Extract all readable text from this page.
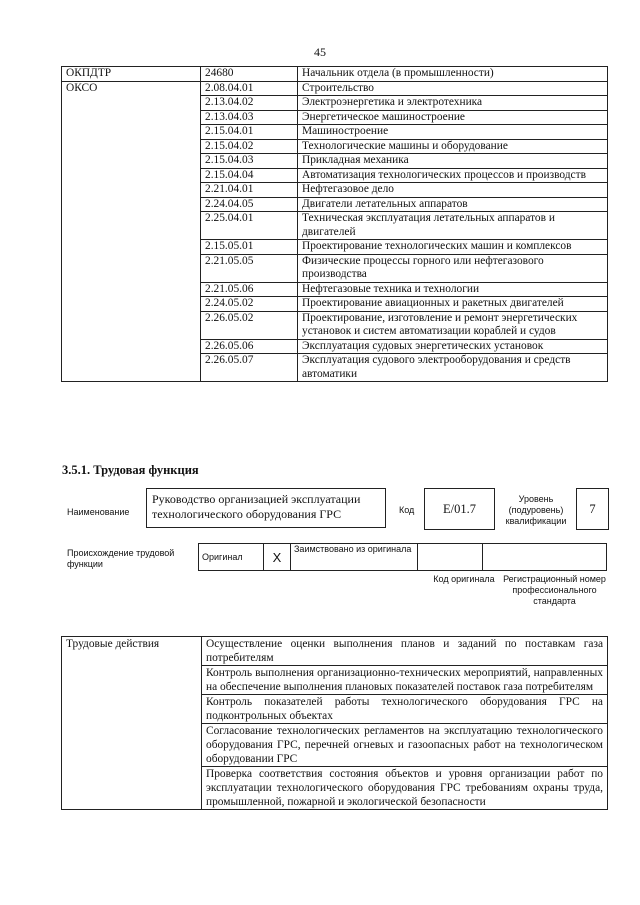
45
ОКПДТР	24680	Начальник отдела (в промышленности)
ОКСО	2.08.04.01	Строительство
	2.13.04.02	Электроэнергетика и электротехника
	2.13.04.03	Энергетическое машиностроение
	2.15.04.01	Машиностроение
	2.15.04.02	Технологические машины и оборудование
	2.15.04.03	Прикладная механика
	2.15.04.04	Автоматизация технологических процессов и производств
	2.21.04.01	Нефтегазовое дело
	2.24.04.05	Двигатели летательных аппаратов
	2.25.04.01	Техническая эксплуатация летательных аппаратов и двигателей
	2.15.05.01	Проектирование технологических машин и комплексов
	2.21.05.05	Физические процессы горного или нефтегазового производства
	2.21.05.06	Нефтегазовые техника и технологии
	2.24.05.02	Проектирование авиационных и ракетных двигателей
	2.26.05.02	Проектирование, изготовление и ремонт энергетических установок и систем автоматизации кораблей и судов
	2.26.05.06	Эксплуатация судовых энергетических установок
	2.26.05.07	Эксплуатация судового электрооборудования и средств автоматики
3.5.1. Трудовая функция
Наименование
Руководство организацией эксплуатации технологического оборудования ГРС	Код	E/01.7
Уровень (подуровень) квалификации
7
Происхождение трудовой функции
Оригинал	X	Заимствовано из оригинала		
Код оригинала Регистрационный номер профессионального стандарта
Трудовые действия	Осуществление оценки выполнения планов и заданий по поставкам газа потребителям
Контроль выполнения организационно-технических мероприятий, направленных на обеспечение выполнения плановых показателей поставок газа потребителям
Контроль показателей работы технологического оборудования ГРС на подконтрольных объектах
Согласование технологических регламентов на эксплуатацию технологического оборудования ГРС, перечней огневых и газоопасных работ на технологическом оборудовании ГРС
Проверка соответствия состояния объектов и уровня организации работ по эксплуатации технологического оборудования ГРС требованиям охраны труда, промышленной, пожарной и экологической безопасности
